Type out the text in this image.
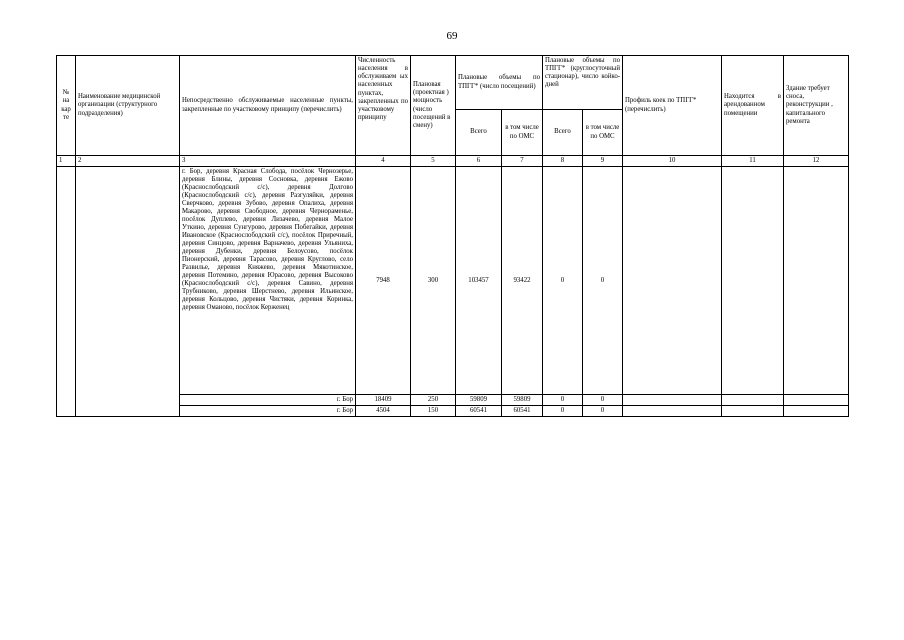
69
№ на кар те	Наименование медицинской организации (структурного подразделения)	Непосредственно обслуживаемые населенные пункты, закрепленные по участковому принципу (перечислить)	Численность населения в обслуживаем ых населенных пунктах, закрепленных по участковому принципу	Плановая (проектная ) мощность (число посещений в смену)	Плановые объемы по ТПГГ* (число посещений)		Плановые объемы по ТПГГ* (круглосуточный стационар), число койко-дней		Профиль коек по ТПГГ* (перечислить)	Находится в арендованном помещении	Здание требует сноса, реконструкции , капитального ремонта
					Всего	в том числе по ОМС	Всего	в том числе по ОМС			
1	2	3	4	5	6	7	8	9	10	11	12
		г. Бор, деревня Красная Слобода, посёлок Чернозерье, деревня Блины, деревня Сосновка, деревня Ежово (Краснослободский с/с), деревня Долгово (Краснослободский с/с), деревня Разгуляйки, деревня Сверчково, деревня Зубово, деревня Опалиха, деревня Макарово, деревня Свободное, деревня Чернораменье, посёлок Дуплево, деревня Лизачево, деревня Малое Уткино, деревня Сунгурово, деревня Побегайки, деревня Ивановское (Краснослободский с/с), посёлок Приречный, деревня Синцово, деревня Варначево, деревня Ульяниха, деревня Дубенки, деревня Белоусово, посёлок Пионерский, деревня Тарасово, деревня Круглово, село Развилье, деревня Княжево, деревня Мякотинское, деревня Потемино, деревня Юрасово, деревня Высоково (Краснослободский с/с), деревня Савино, деревня Трубниково, деревня Шерстнево, деревня Ильинское, деревня Кольцово, деревня Чистяки, деревня Коринка, деревня Оманово, посёлок Керженец	7948	300	103457	93422	0	0			
		г. Бор	18409	250	59809	59809	0	0			
		г. Бор	4504	150	60541	60541	0	0			
